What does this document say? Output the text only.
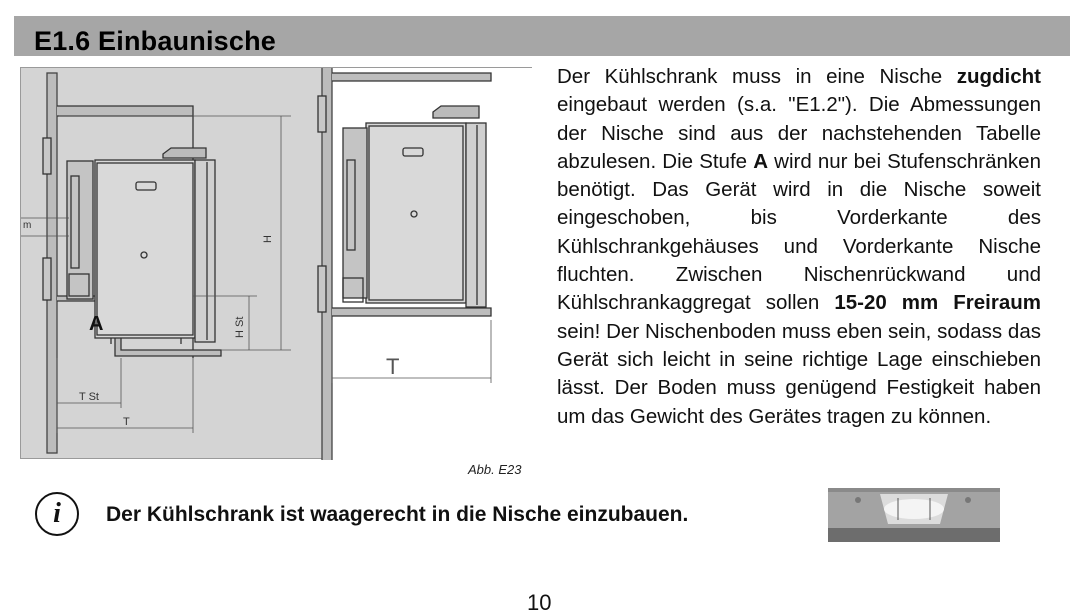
E1.6 Einbaunische
A
H
m
H St
T St
T
T
Abb. E23
Der Kühlschrank muss in eine Nische zugdicht eingebaut werden (s.a. "E1.2"). Die Abmessungen der Nische sind aus der nachstehenden Tabelle abzulesen. Die Stufe A wird nur bei Stufenschränken benötigt. Das Gerät wird in die Nische soweit eingeschoben, bis Vorderkante des Kühlschrankgehäuses und Vorderkante Nische fluchten. Zwischen Nischenrückwand und Kühlschrankaggregat sollen 15-20 mm Freiraum sein! Der Nischenboden muss eben sein, sodass das Gerät sich leicht in seine richtige Lage einschieben lässt. Der Boden muss genügend Festigkeit haben um das Gewicht des Gerätes tragen zu können.
i Der Kühlschrank ist waagerecht in die Nische einzubauen.
10
